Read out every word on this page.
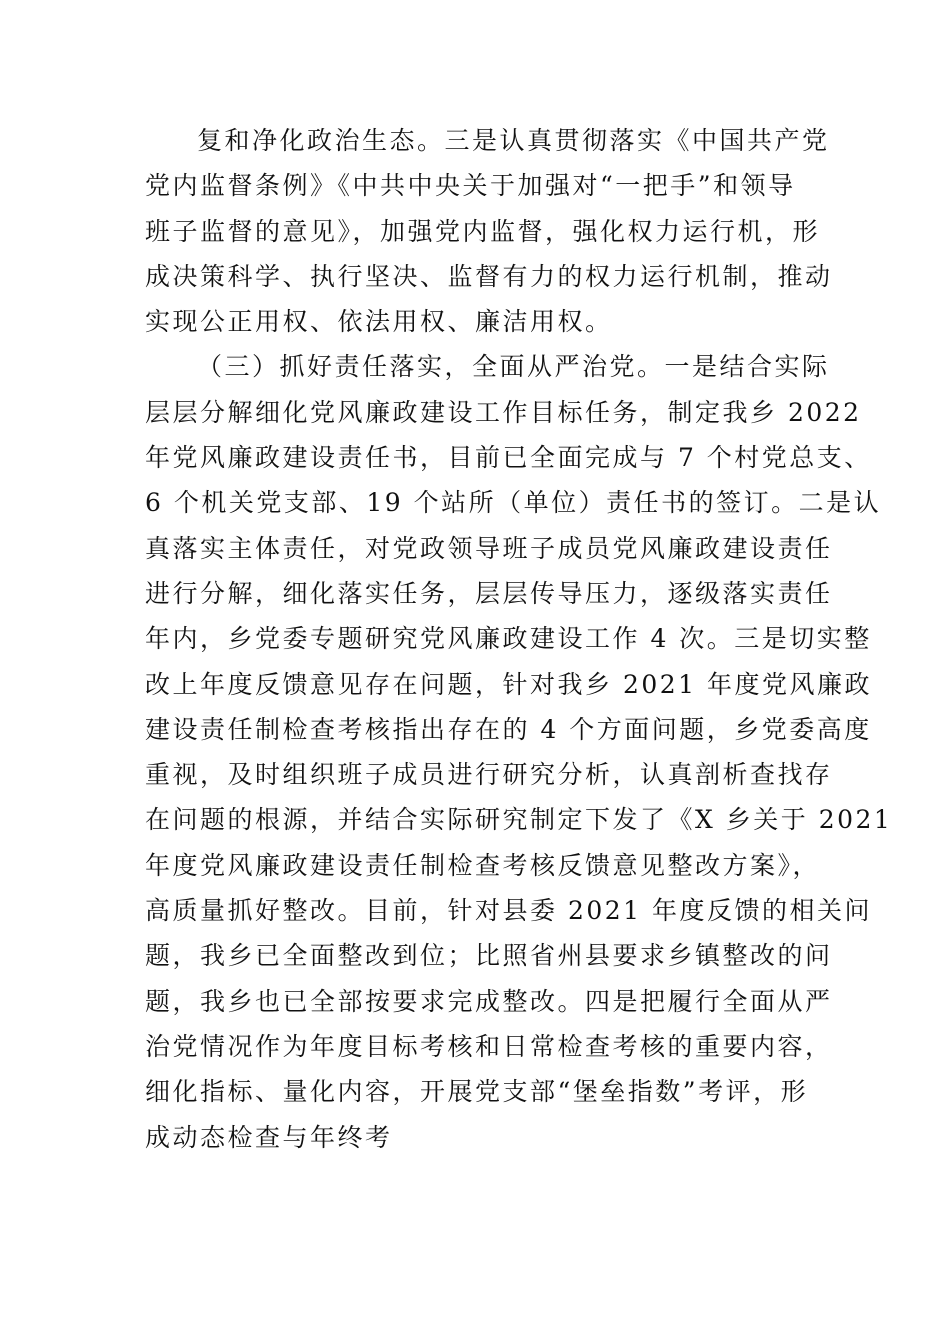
复和净化政治生态。三是认真贯彻落实《中国共产党
党内监督条例》《中共中央关于加强对“一把手”和领导
班子监督的意见》，加强党内监督，强化权力运行机，形
成决策科学、执行坚决、监督有力的权力运行机制，推动
实现公正用权、依法用权、廉洁用权。
（三）抓好责任落实，全面从严治党。一是结合实际
层层分解细化党风廉政建设工作目标任务，制定我乡 2022
年党风廉政建设责任书，目前已全面完成与 7 个村党总支、
6 个机关党支部、19 个站所（单位）责任书的签订。二是认
真落实主体责任，对党政领导班子成员党风廉政建设责任
进行分解，细化落实任务，层层传导压力，逐级落实责任
年内，乡党委专题研究党风廉政建设工作 4 次。三是切实整
改上年度反馈意见存在问题，针对我乡 2021 年度党风廉政
建设责任制检查考核指出存在的 4 个方面问题，乡党委高度
重视，及时组织班子成员进行研究分析，认真剖析查找存
在问题的根源，并结合实际研究制定下发了《X 乡关于 2021
年度党风廉政建设责任制检查考核反馈意见整改方案》，
高质量抓好整改。目前，针对县委 2021 年度反馈的相关问
题，我乡已全面整改到位；比照省州县要求乡镇整改的问
题，我乡也已全部按要求完成整改。四是把履行全面从严
治党情况作为年度目标考核和日常检查考核的重要内容，
细化指标、量化内容，开展党支部“堡垒指数”考评，形
成动态检查与年终考
